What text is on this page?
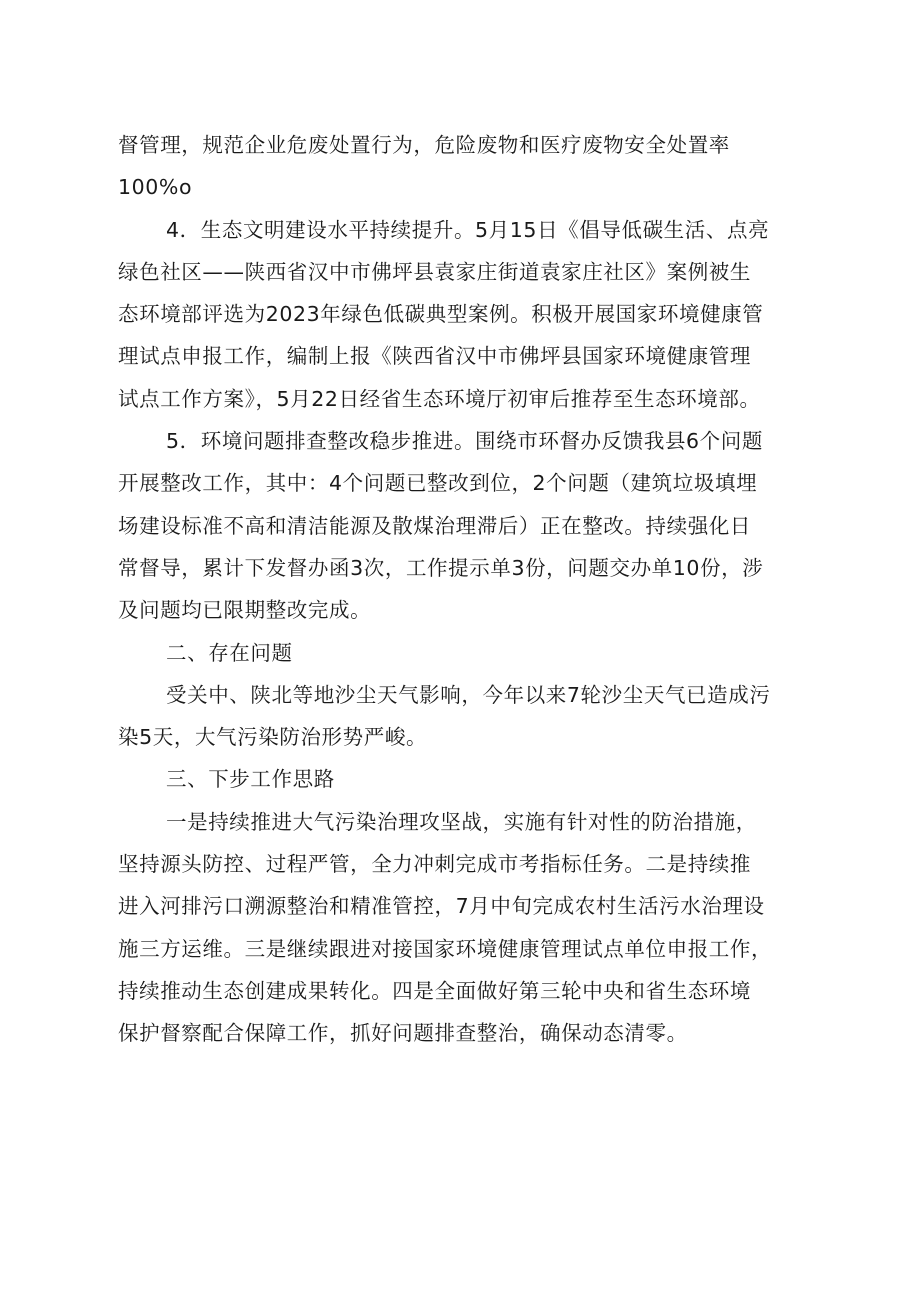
督管理，规范企业危废处置行为，危险废物和医疗废物安全处置率
100%o
4．生态文明建设水平持续提升。5月15日《倡导低碳生活、点亮
绿色社区——陕西省汉中市佛坪县袁家庄街道袁家庄社区》案例被生
态环境部评选为2023年绿色低碳典型案例。积极开展国家环境健康管
理试点申报工作，编制上报《陕西省汉中市佛坪县国家环境健康管理
试点工作方案》，5月22日经省生态环境厅初审后推荐至生态环境部。
5．环境问题排查整改稳步推进。围绕市环督办反馈我县6个问题
开展整改工作，其中：4个问题已整改到位，2个问题（建筑垃圾填埋
场建设标准不高和清洁能源及散煤治理滞后）正在整改。持续强化日
常督导，累计下发督办函3次，工作提示单3份，问题交办单10份，涉
及问题均已限期整改完成。
二、存在问题
受关中、陕北等地沙尘天气影响，今年以来7轮沙尘天气已造成污
染5天，大气污染防治形势严峻。
三、下步工作思路
一是持续推进大气污染治理攻坚战，实施有针对性的防治措施，
坚持源头防控、过程严管，全力冲刺完成市考指标任务。二是持续推
进入河排污口溯源整治和精准管控，7月中旬完成农村生活污水治理设
施三方运维。三是继续跟进对接国家环境健康管理试点单位申报工作，
持续推动生态创建成果转化。四是全面做好第三轮中央和省生态环境
保护督察配合保障工作，抓好问题排查整治，确保动态清零。
